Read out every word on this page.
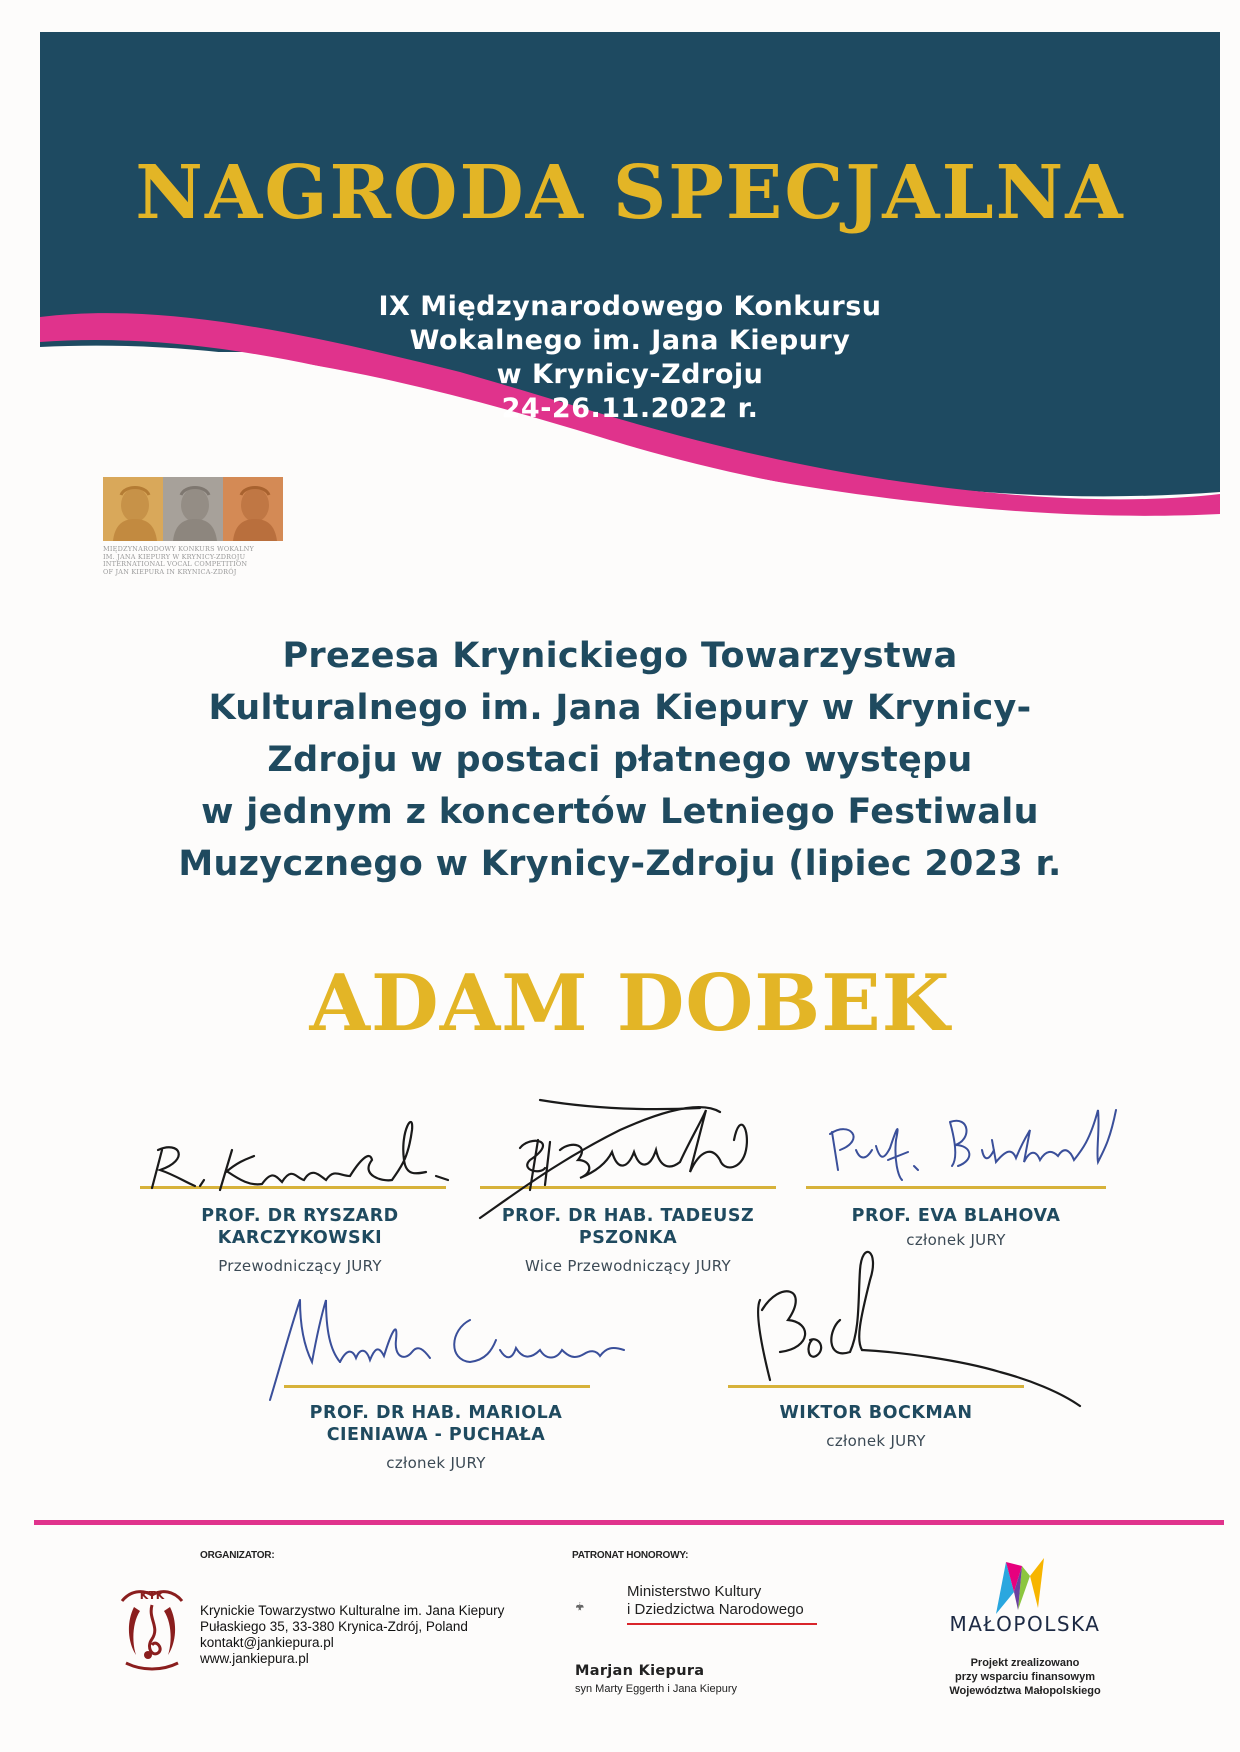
NAGRODA SPECJALNA
IX Międzynarodowego Konkursu
Wokalnego im. Jana Kiepury
w Krynicy-Zdroju
24-26.11.2022 r.
MIĘDZYNARODOWY KONKURS WOKALNY
IM. JANA KIEPURY W KRYNICY-ZDROJU
INTERNATIONAL VOCAL COMPETITION
OF JAN KIEPURA IN KRYNICA-ZDRÓJ
Prezesa Krynickiego Towarzystwa
Kulturalnego im. Jana Kiepury w Krynicy-
Zdroju w postaci płatnego występu
w jednym z koncertów Letniego Festiwalu
Muzycznego w Krynicy-Zdroju (lipiec 2023 r.
ADAM DOBEK
PROF. DR RYSZARD
KARCZYKOWSKI
Przewodniczący JURY
PROF. DR HAB. TADEUSZ
PSZONKA
Wice Przewodniczący JURY
PROF. EVA BLAHOVA
członek JURY
PROF. DR HAB. MARIOLA
CIENIAWA - PUCHAŁA
członek JURY
WIKTOR BOCKMAN
członek JURY
ORGANIZATOR:
KTK
Krynickie Towarzystwo Kulturalne im. Jana Kiepury
Pułaskiego 35, 33-380 Krynica-Zdrój, Poland
kontakt@jankiepura.pl
www.jankiepura.pl
PATRONAT HONOROWY:
Ministerstwo Kultury
i Dziedzictwa Narodowego
Marjan Kiepura
syn Marty Eggerth i Jana Kiepury
MAŁOPOLSKA
Projekt zrealizowano
przy wsparciu finansowym
Województwa Małopolskiego
